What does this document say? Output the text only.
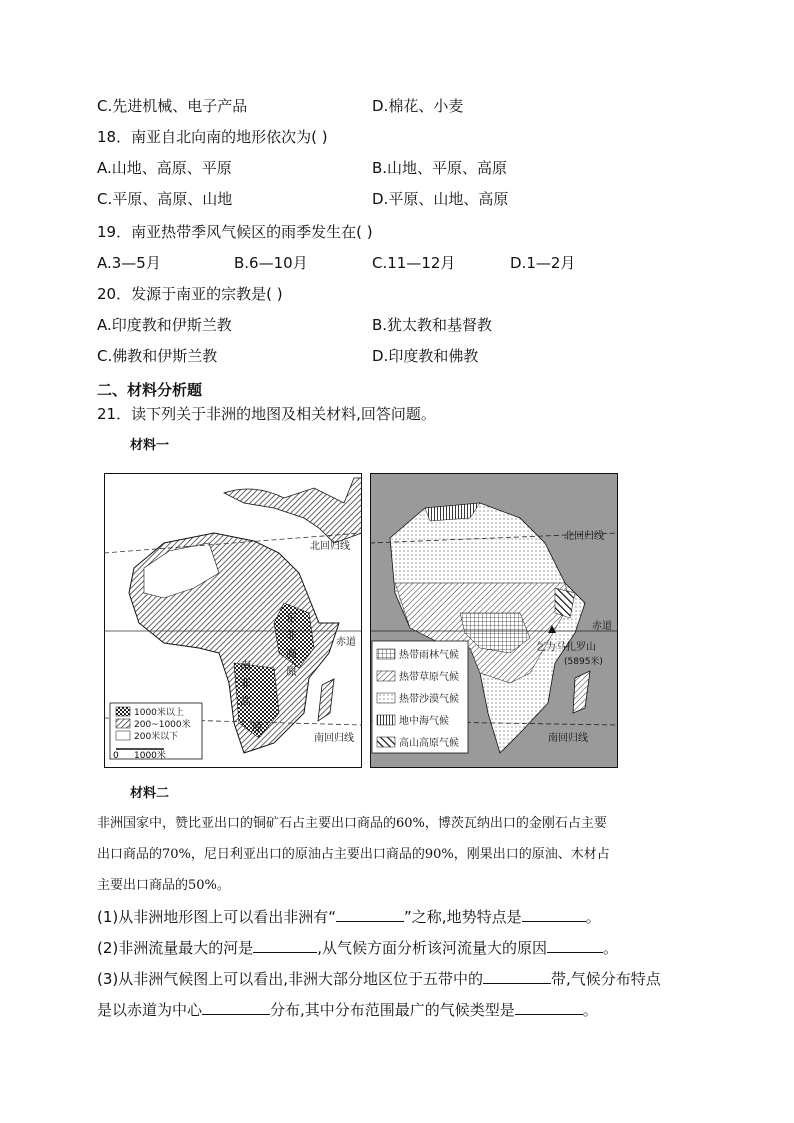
C.先进机械、电子产品	D.棉花、小麦
18．南亚自北向南的地形依次为( )
A.山地、高原、平原	B.山地、平原、高原
C.平原、高原、山地	D.平原、山地、高原
19．南亚热带季风气候区的雨季发生在( )
A.3—5月	B.6—10月	C.11—12月	D.1—2月
20．发源于南亚的宗教是( )
A.印度教和伊斯兰教	B.犹太教和基督教
C.佛教和伊斯兰教	D.印度教和佛教
二、材料分析题
21．读下列关于非洲的地图及相关材料,回答问题。
材料一
北回归线
赤道
南回归线
南
非
高
东
非
高
原
原
1000米以上
200~1000米
200米以下
0 1000米
北回归线
赤道
南回归线
乞力马扎罗山
(5895米)
热带雨林气候
热带草原气候
热带沙漠气候
地中海气候
高山高原气候
材料二
非洲国家中，赞比亚出口的铜矿石占主要出口商品的60%，博茨瓦纳出口的金刚石占主要
出口商品的70%，尼日利亚出口的原油占主要出口商品的90%，刚果出口的原油、木材占
主要出口商品的50%。
(1)从非洲地形图上可以看出非洲有“	”之称,地势特点是	。
(2)非洲流量最大的河是	,从气候方面分析该河流量大的原因	。
(3)从非洲气候图上可以看出,非洲大部分地区位于五带中的	带,气候分布特点
是以赤道为中心	分布,其中分布范围最广的气候类型是	。
